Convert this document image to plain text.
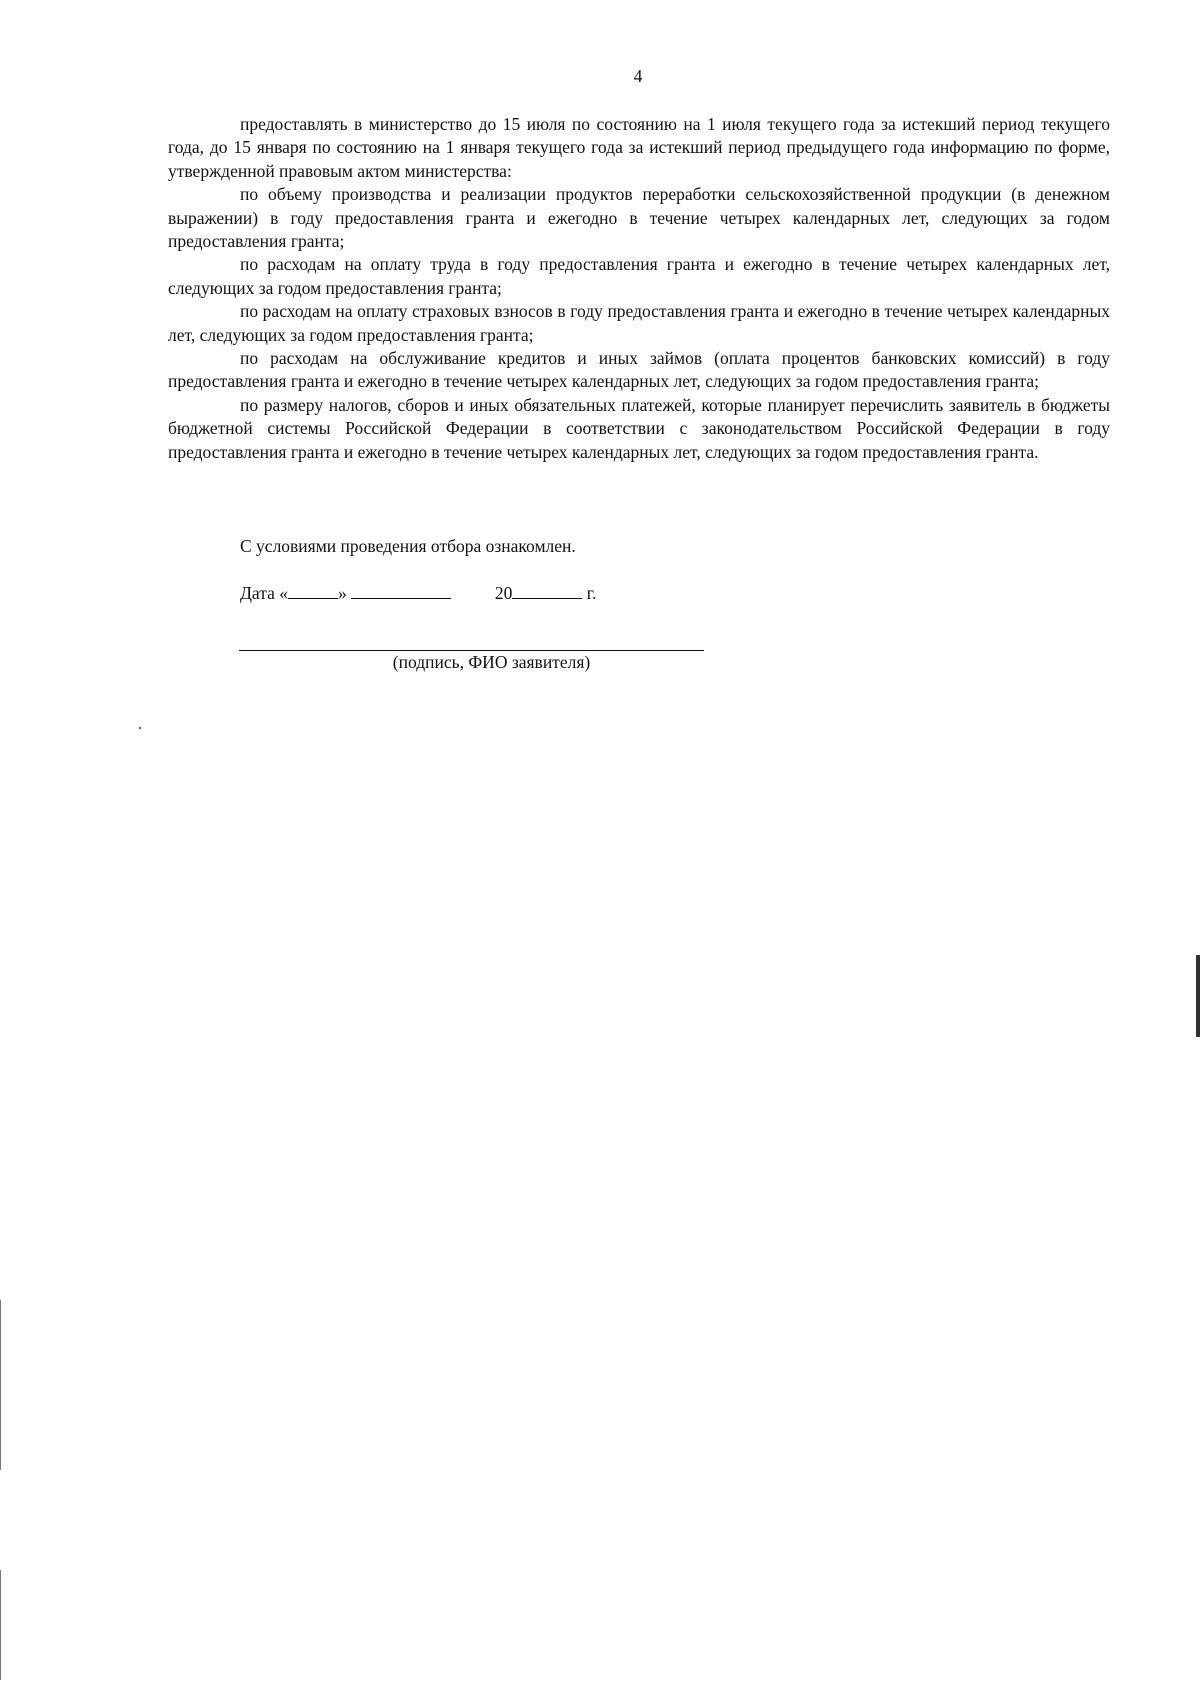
4

предоставлять в министерство до 15 июля по состоянию на 1 июля текущего года за истекший период текущего года, до 15 января по состоянию на 1 января текущего года за истекший период предыдущего года информацию по форме, утвержденной правовым актом министерства:

по объему производства и реализации продуктов переработки сельскохозяйственной продукции (в денежном выражении) в году предоставления гранта и ежегодно в течение четырех календарных лет, следующих за годом предоставления гранта;

по расходам на оплату труда в году предоставления гранта и ежегодно в течение четырех календарных лет, следующих за годом предоставления гранта;

по расходам на оплату страховых взносов в году предоставления гранта и ежегодно в течение четырех календарных лет, следующих за годом предоставления гранта;

по расходам на обслуживание кредитов и иных займов (оплата процентов банковских комиссий) в году предоставления гранта и ежегодно в течение четырех календарных лет, следующих за годом предоставления гранта;

по размеру налогов, сборов и иных обязательных платежей, которые планирует перечислить заявитель в бюджеты бюджетной системы Российской Федерации в соответствии с законодательством Российской Федерации в году предоставления гранта и ежегодно в течение четырех календарных лет, следующих за годом предоставления гранта.

С условиями проведения отбора ознакомлен.
Дата «	»	20	г.
(подпись, ФИО заявителя)
